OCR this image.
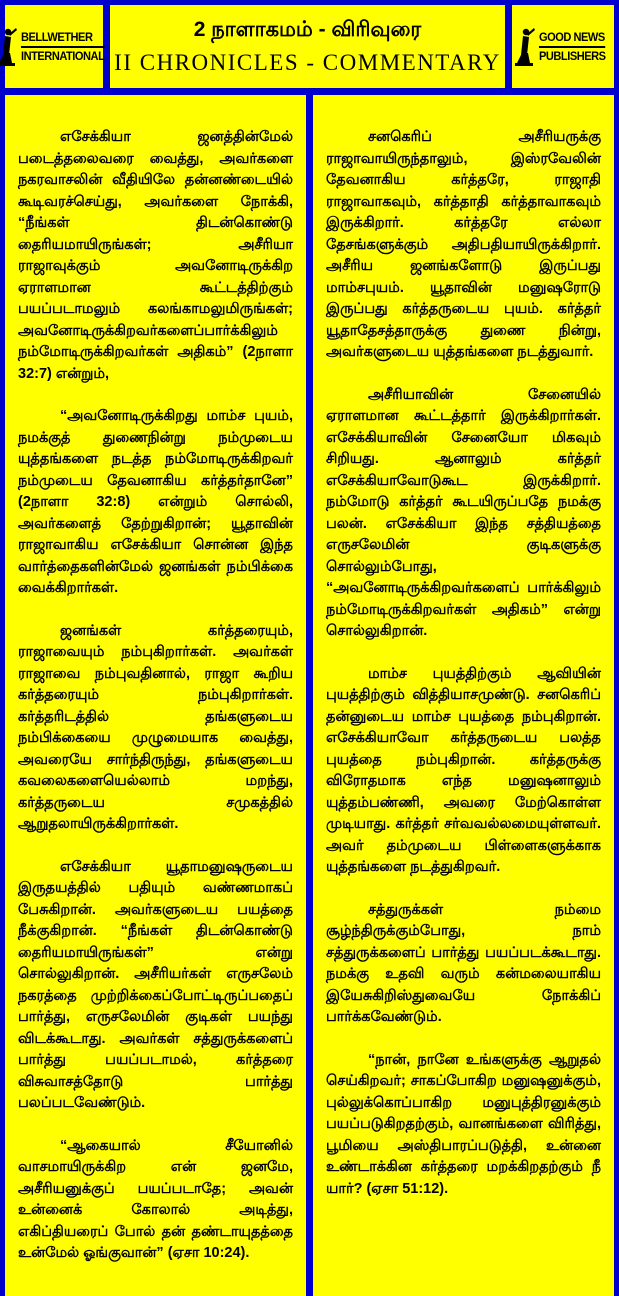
BELLWETHER
INTERNATIONAL
2 நாளாகமம் - விரிவுரை
II CHRONICLES - COMMENTARY
GOOD NEWS
PUBLISHERS

எசேக்கியா ஜனத்தின்மேல் படைத்தலைவரை வைத்து, அவர்களை நகரவாசலின் வீதியிலே தன்னண்டையில் கூடிவரச்செய்து, அவர்களை நோக்கி, “நீங்கள் திடன்கொண்டு தைரியமாயிருங்கள்; அசீரியா ராஜாவுக்கும் அவனோடிருக்கிற ஏராளமான கூட்டத்திற்கும் பயப்படாமலும் கலங்காமலுமிருங்கள்; அவனோடிருக்கிறவர்களைப்பார்க்கிலும் நம்மோடிருக்கிறவர்கள் அதிகம்” (2நாளா 32:7) என்றும்,

“அவனோடிருக்கிறது மாம்ச புயம், நமக்குத் துணைநின்று நம்முடைய யுத்தங்களை நடத்த நம்மோடிருக்கிறவர் நம்முடைய தேவனாகிய கர்த்தர்தானே” (2நாளா 32:8) என்றும் சொல்லி, அவர்களைத் தேற்றுகிறான்; யூதாவின் ராஜாவாகிய எசேக்கியா சொன்ன இந்த வார்த்தைகளின்மேல் ஜனங்கள் நம்பிக்கை வைக்கிறார்கள்.

ஜனங்கள் கர்த்தரையும், ராஜாவையும் நம்புகிறார்கள். அவர்கள் ராஜாவை நம்புவதினால், ராஜா கூறிய கர்த்தரையும் நம்புகிறார்கள். கர்த்தரிடத்தில் தங்களுடைய நம்பிக்கையை முழுமையாக வைத்து, அவரையே சார்ந்திருந்து, தங்களுடைய கவலைகளையெல்லாம் மறந்து, கர்த்தருடைய சமுகத்தில் ஆறுதலாயிருக்கிறார்கள்.

எசேக்கியா யூதாமனுஷருடைய இருதயத்தில் பதியும் வண்ணமாகப் பேசுகிறான். அவர்களுடைய பயத்தை நீக்குகிறான். “நீங்கள் திடன்கொண்டு தைரியமாயிருங்கள்” என்று சொல்லுகிறான். அசீரியர்கள் எருசலேம் நகரத்தை முற்றிக்கைப்போட்டிருப்பதைப் பார்த்து, எருசலேமின் குடிகள் பயந்து விடக்கூடாது. அவர்கள் சத்துருக்களைப் பார்த்து பயப்படாமல், கர்த்தரை விசுவாசத்தோடு பார்த்து பலப்படவேண்டும்.

“ஆகையால் சீயோனில் வாசமாயிருக்கிற என் ஜனமே, அசீரியனுக்குப் பயப்படாதே; அவன் உன்னைக் கோலால் அடித்து, எகிப்தியரைப் போல் தன் தண்டாயுதத்தை உன்மேல் ஓங்குவான்” (ஏசா 10:24).

சனகெரிப் அசீரியருக்கு ராஜாவாயிருந்தாலும், இஸ்ரவேலின் தேவனாகிய கர்த்தரே, ராஜாதி ராஜாவாகவும், கர்த்தாதி கர்த்தாவாகவும் இருக்கிறார். கர்த்தரே எல்லா தேசங்களுக்கும் அதிபதியாயிருக்கிறார். அசீரிய ஜனங்களோடு இருப்பது மாம்சபுயம். யூதாவின் மனுஷரோடு இருப்பது கர்த்தருடைய புயம். கர்த்தர் யூதாதேசத்தாருக்கு துணை நின்று, அவர்களுடைய யுத்தங்களை நடத்துவார்.

அசீரியாவின் சேனையில் ஏராளமான கூட்டத்தார் இருக்கிறார்கள். எசேக்கியாவின் சேனையோ மிகவும் சிறியது. ஆனாலும் கர்த்தர் எசேக்கியாவோடுகூட இருக்கிறார். நம்மோடு கர்த்தர் கூடயிருப்பதே நமக்கு பலன். எசேக்கியா இந்த சத்தியத்தை எருசலேமின் குடிகளுக்கு சொல்லும்போது, “அவனோடிருக்கிறவர்களைப் பார்க்கிலும் நம்மோடிருக்கிறவர்கள் அதிகம்” என்று சொல்லுகிறான்.

மாம்ச புயத்திற்கும் ஆவியின் புயத்திற்கும் வித்தியாசமுண்டு. சனகெரிப் தன்னுடைய மாம்ச புயத்தை நம்புகிறான். எசேக்கியாவோ கர்த்தருடைய பலத்த புயத்தை நம்புகிறான். கர்த்தருக்கு விரோதமாக எந்த மனுஷனாலும் யுத்தம்பண்ணி, அவரை மேற்கொள்ள முடியாது. கர்த்தர் சர்வவல்லமையுள்ளவர். அவர் தம்முடைய பிள்ளைகளுக்காக யுத்தங்களை நடத்துகிறவர்.

சத்துருக்கள் நம்மை சூழ்ந்திருக்கும்போது, நாம் சத்துருக்களைப் பார்த்து பயப்படக்கூடாது. நமக்கு உதவி வரும் கன்மலையாகிய இயேசுகிறிஸ்துவையே நோக்கிப் பார்க்கவேண்டும்.

“நான், நானே உங்களுக்கு ஆறுதல் செய்கிறவர்; சாகப்போகிற மனுஷனுக்கும், புல்லுக்கொப்பாகிற மனுபுத்திரனுக்கும் பயப்படுகிறதற்கும், வானங்களை விரித்து, பூமியை அஸ்திபாரப்படுத்தி, உன்னை உண்டாக்கின கர்த்தரை மறக்கிறதற்கும் நீ யார்? (ஏசா 51:12).
